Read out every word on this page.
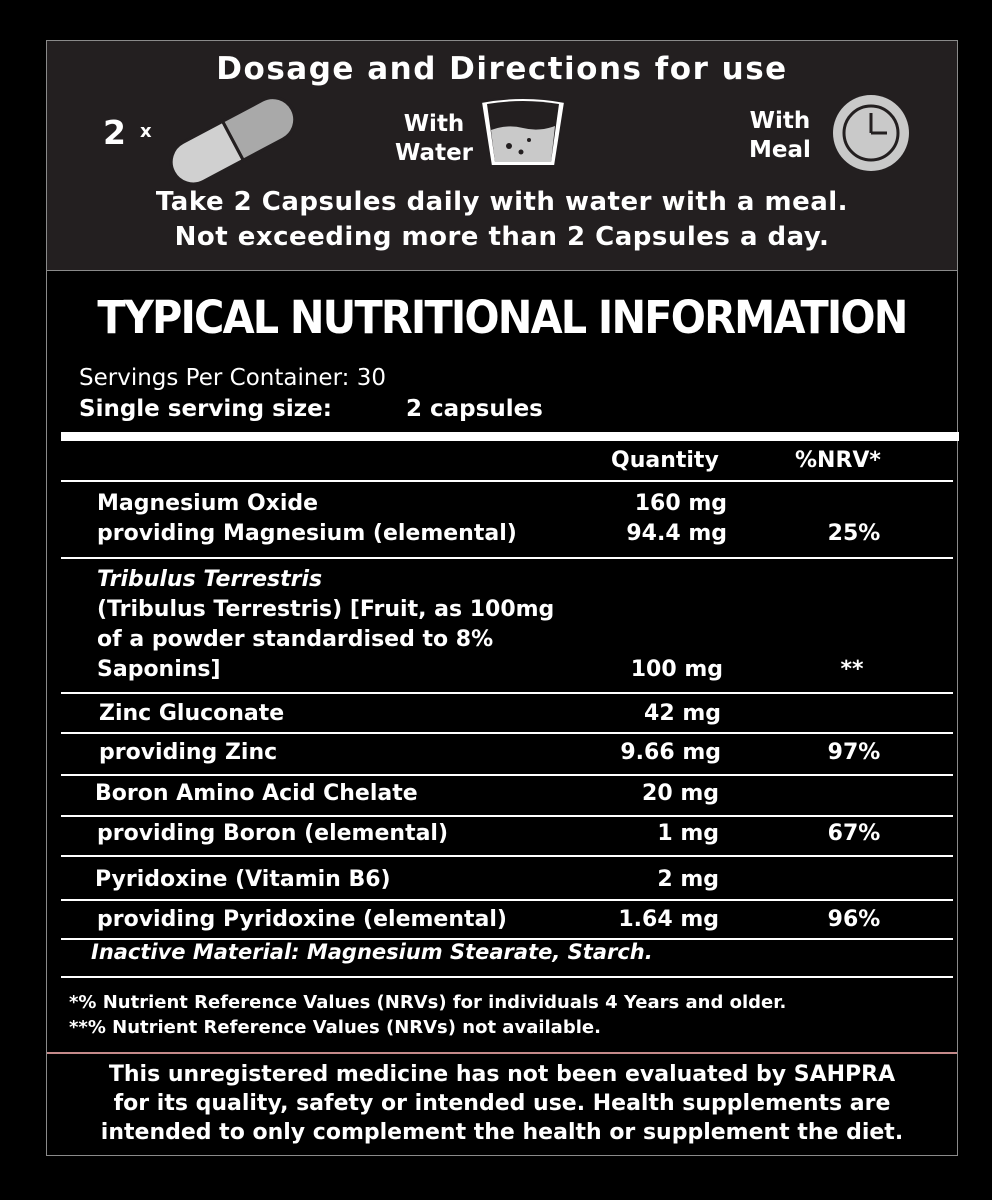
Dosage and Directions for use
2 x	With
Water
With
Meal
Take 2 Capsules daily with water with a meal.
Not exceeding more than 2 Capsules a day.
TYPICAL NUTRITIONAL INFORMATION
Servings Per Container: 30
Single serving size:	2 capsules
Quantity	%NRV*
Magnesium Oxide	160 mg
providing Magnesium (elemental)	94.4 mg	25%
Tribulus Terrestris
(Tribulus Terrestris) [Fruit, as 100mg
of a powder standardised to 8%
Saponins]	100 mg	**
Zinc Gluconate	42 mg
providing Zinc	9.66 mg	97%
Boron Amino Acid Chelate	20 mg
providing Boron (elemental)	1 mg	67%
Pyridoxine (Vitamin B6)	2 mg
providing Pyridoxine (elemental)	1.64 mg	96%
Inactive Material: Magnesium Stearate, Starch.
*% Nutrient Reference Values (NRVs) for individuals 4 Years and older.
**% Nutrient Reference Values (NRVs) not available.
This unregistered medicine has not been evaluated by SAHPRA
for its quality, safety or intended use. Health supplements are
intended to only complement the health or supplement the diet.
